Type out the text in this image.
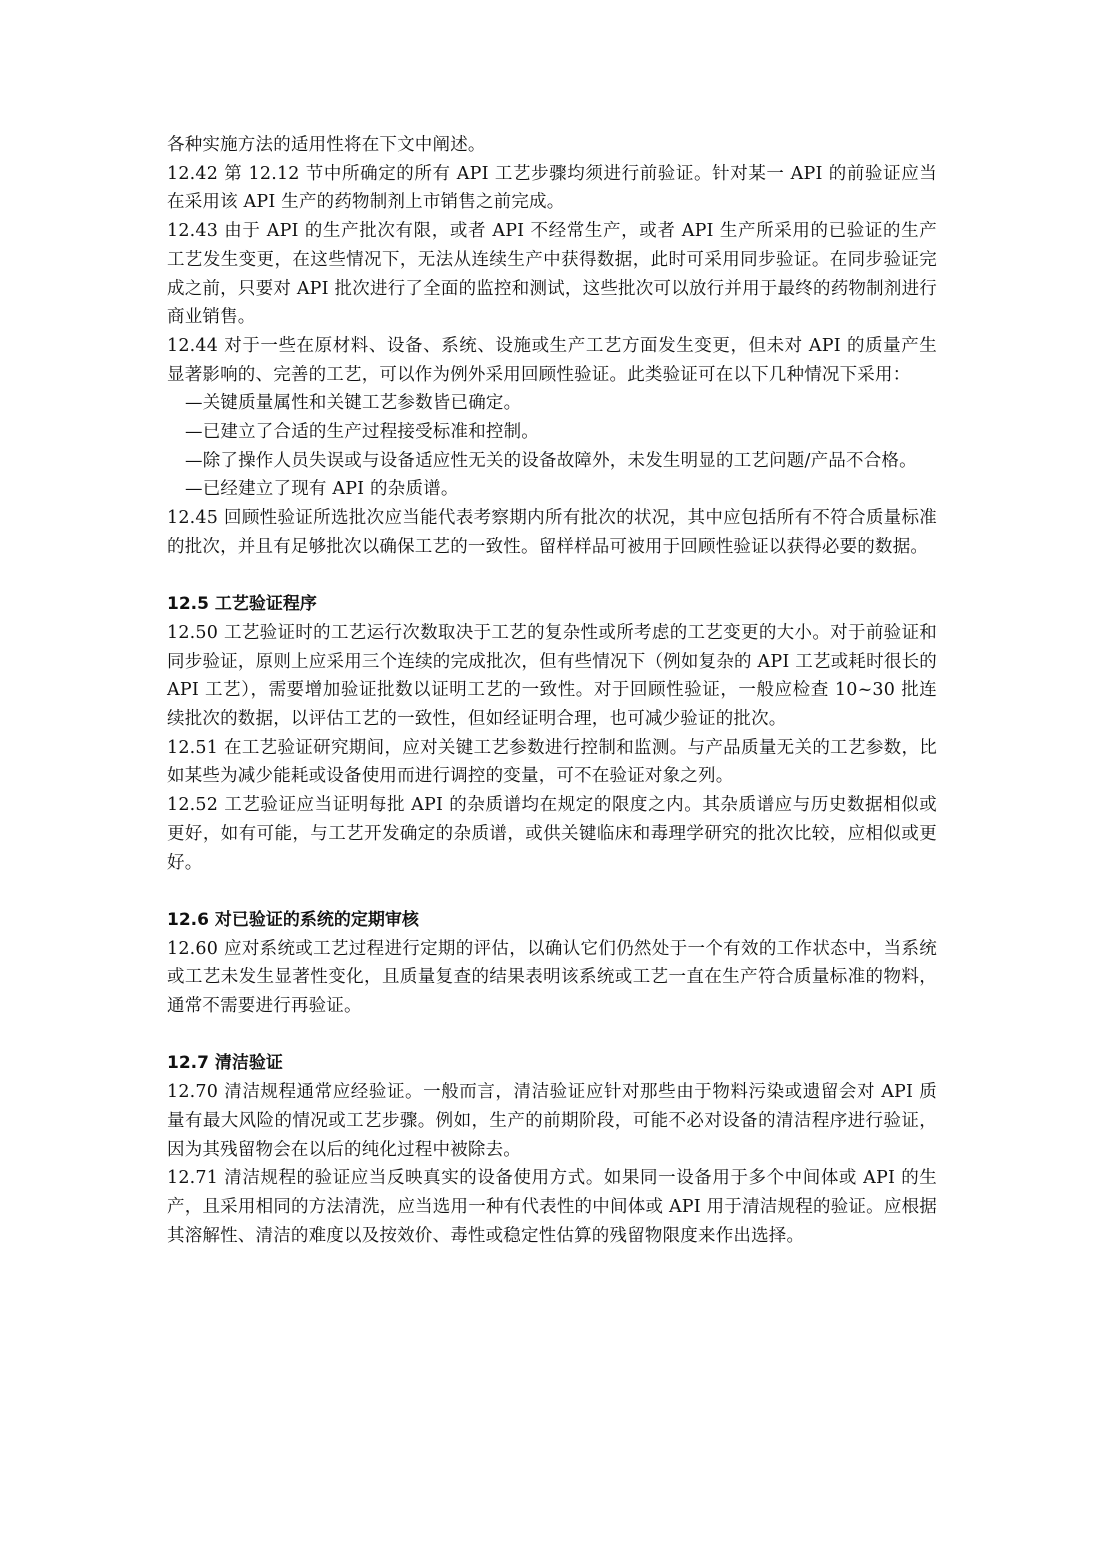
各种实施方法的适用性将在下文中阐述。

12.42 第 12.12 节中所确定的所有 API 工艺步骤均须进行前验证。针对某一 API 的前验证应当在采用该 API 生产的药物制剂上市销售之前完成。

12.43 由于 API 的生产批次有限，或者 API 不经常生产，或者 API 生产所采用的已验证的生产工艺发生变更，在这些情况下，无法从连续生产中获得数据，此时可采用同步验证。在同步验证完成之前，只要对 API 批次进行了全面的监控和测试，这些批次可以放行并用于最终的药物制剂进行商业销售。

12.44 对于一些在原材料、设备、系统、设施或生产工艺方面发生变更，但未对 API 的质量产生显著影响的、完善的工艺，可以作为例外采用回顾性验证。此类验证可在以下几种情况下采用：

—关键质量属性和关键工艺参数皆已确定。

—已建立了合适的生产过程接受标准和控制。

—除了操作人员失误或与设备适应性无关的设备故障外，未发生明显的工艺问题/产品不合格。

—已经建立了现有 API 的杂质谱。

12.45 回顾性验证所选批次应当能代表考察期内所有批次的状况，其中应包括所有不符合质量标准的批次，并且有足够批次以确保工艺的一致性。留样样品可被用于回顾性验证以获得必要的数据。

12.5 工艺验证程序

12.50 工艺验证时的工艺运行次数取决于工艺的复杂性或所考虑的工艺变更的大小。对于前验证和同步验证，原则上应采用三个连续的完成批次，但有些情况下（例如复杂的 API 工艺或耗时很长的 API 工艺），需要增加验证批数以证明工艺的一致性。对于回顾性验证，一般应检查 10~30 批连续批次的数据，以评估工艺的一致性，但如经证明合理，也可减少验证的批次。

12.51 在工艺验证研究期间，应对关键工艺参数进行控制和监测。与产品质量无关的工艺参数，比如某些为减少能耗或设备使用而进行调控的变量，可不在验证对象之列。

12.52 工艺验证应当证明每批 API 的杂质谱均在规定的限度之内。其杂质谱应与历史数据相似或更好，如有可能，与工艺开发确定的杂质谱，或供关键临床和毒理学研究的批次比较，应相似或更好。

12.6 对已验证的系统的定期审核

12.60 应对系统或工艺过程进行定期的评估，以确认它们仍然处于一个有效的工作状态中，当系统或工艺未发生显著性变化，且质量复查的结果表明该系统或工艺一直在生产符合质量标准的物料，通常不需要进行再验证。

12.7 清洁验证

12.70 清洁规程通常应经验证。一般而言，清洁验证应针对那些由于物料污染或遗留会对 API 质量有最大风险的情况或工艺步骤。例如，生产的前期阶段，可能不必对设备的清洁程序进行验证，因为其残留物会在以后的纯化过程中被除去。

12.71 清洁规程的验证应当反映真实的设备使用方式。如果同一设备用于多个中间体或 API 的生产，且采用相同的方法清洗，应当选用一种有代表性的中间体或 API 用于清洁规程的验证。应根据其溶解性、清洁的难度以及按效价、毒性或稳定性估算的残留物限度来作出选择。
